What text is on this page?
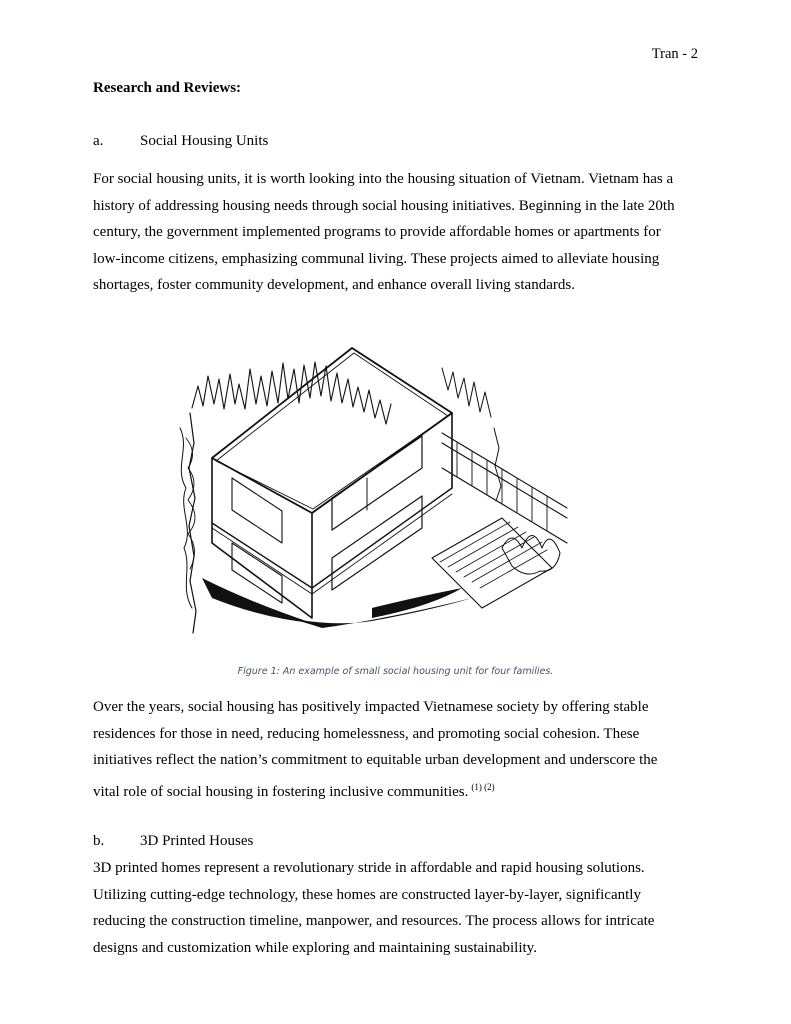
Tran - 2
Research and Reviews:
a.	Social Housing Units

For social housing units, it is worth looking into the housing situation of Vietnam. Vietnam has a
history of addressing housing needs through social housing initiatives. Beginning in the late 20th
century, the government implemented programs to provide affordable homes or apartments for
low-income citizens, emphasizing communal living. These projects aimed to alleviate housing
shortages, foster community development, and enhance overall living standards.

Figure 1: An example of small social housing unit for four families.

Over the years, social housing has positively impacted Vietnamese society by offering stable
residences for those in need, reducing homelessness, and promoting social cohesion. These
initiatives reflect the nation’s commitment to equitable urban development and underscore the
vital role of social housing in fostering inclusive communities. $^{(1) (2)}$

b.	3D Printed Houses

3D printed homes represent a revolutionary stride in affordable and rapid housing solutions.
Utilizing cutting-edge technology, these homes are constructed layer-by-layer, significantly
reducing the construction timeline, manpower, and resources. The process allows for intricate
designs and customization while exploring and maintaining sustainability.
